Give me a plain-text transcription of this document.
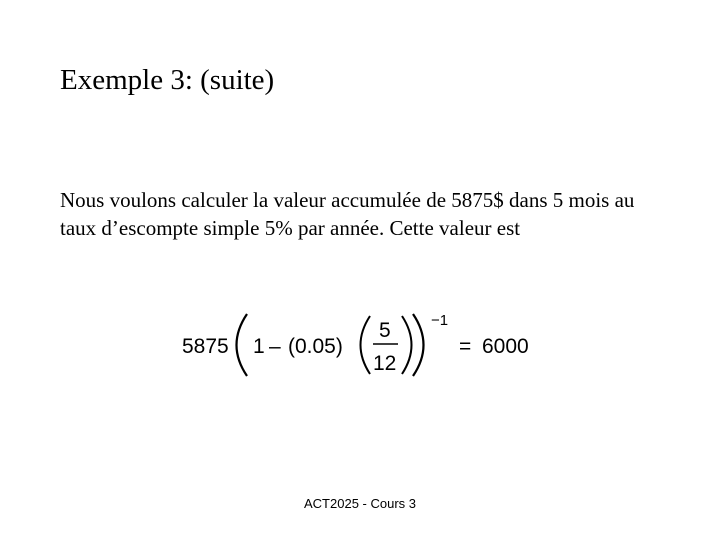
Exemple 3: (suite)
Nous voulons calculer la valeur accumulée de 5875$ dans 5 mois au taux d’escompte simple 5% par année. Cette valeur est
5875 1 – (0.05)
5
12
−1
= 6000
ACT2025 - Cours 3
